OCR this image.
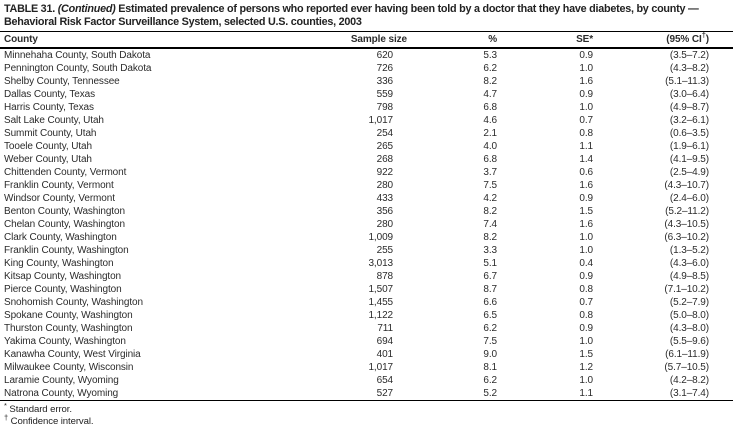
TABLE 31. (Continued) Estimated prevalence of persons who reported ever having been told by a doctor that they have diabetes, by county — Behavioral Risk Factor Surveillance System, selected U.S. counties, 2003

County	Sample size	%	SE*	(95% CI†)
Minnehaha County, South Dakota	620	5.3	0.9	(3.5–7.2)
Pennington County, South Dakota	726	6.2	1.0	(4.3–8.2)
Shelby County, Tennessee	336	8.2	1.6	(5.1–11.3)
Dallas County, Texas	559	4.7	0.9	(3.0–6.4)
Harris County, Texas	798	6.8	1.0	(4.9–8.7)
Salt Lake County, Utah	1,017	4.6	0.7	(3.2–6.1)
Summit County, Utah	254	2.1	0.8	(0.6–3.5)
Tooele County, Utah	265	4.0	1.1	(1.9–6.1)
Weber County, Utah	268	6.8	1.4	(4.1–9.5)
Chittenden County, Vermont	922	3.7	0.6	(2.5–4.9)
Franklin County, Vermont	280	7.5	1.6	(4.3–10.7)
Windsor County, Vermont	433	4.2	0.9	(2.4–6.0)
Benton County, Washington	356	8.2	1.5	(5.2–11.2)
Chelan County, Washington	280	7.4	1.6	(4.3–10.5)
Clark County, Washington	1,009	8.2	1.0	(6.3–10.2)
Franklin County, Washington	255	3.3	1.0	(1.3–5.2)
King County, Washington	3,013	5.1	0.4	(4.3–6.0)
Kitsap County, Washington	878	6.7	0.9	(4.9–8.5)
Pierce County, Washington	1,507	8.7	0.8	(7.1–10.2)
Snohomish County, Washington	1,455	6.6	0.7	(5.2–7.9)
Spokane County, Washington	1,122	6.5	0.8	(5.0–8.0)
Thurston County, Washington	711	6.2	0.9	(4.3–8.0)
Yakima County, Washington	694	7.5	1.0	(5.5–9.6)
Kanawha County, West Virginia	401	9.0	1.5	(6.1–11.9)
Milwaukee County, Wisconsin	1,017	8.1	1.2	(5.7–10.5)
Laramie County, Wyoming	654	6.2	1.0	(4.2–8.2)
Natrona County, Wyoming	527	5.2	1.1	(3.1–7.4)

* Standard error.

† Confidence interval.
